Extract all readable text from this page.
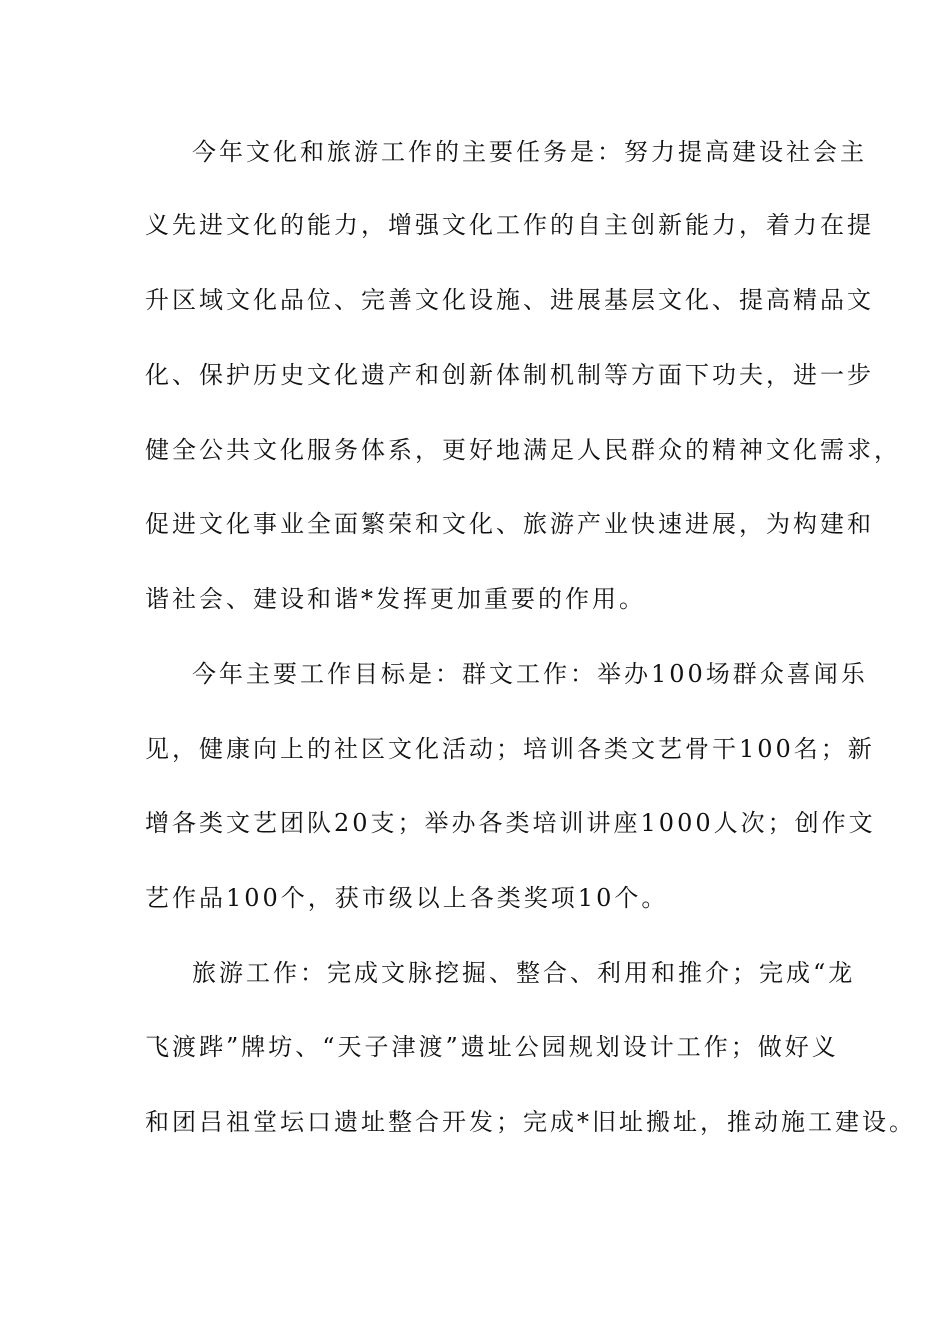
今年文化和旅游工作的主要任务是：努力提高建设社会主
义先进文化的能力，增强文化工作的自主创新能力，着力在提
升区域文化品位、完善文化设施、进展基层文化、提高精品文
化、保护历史文化遗产和创新体制机制等方面下功夫，进一步
健全公共文化服务体系，更好地满足人民群众的精神文化需求，
促进文化事业全面繁荣和文化、旅游产业快速进展，为构建和
谐社会、建设和谐*发挥更加重要的作用。
今年主要工作目标是：群文工作：举办100场群众喜闻乐
见，健康向上的社区文化活动；培训各类文艺骨干100名；新
增各类文艺团队20支；举办各类培训讲座1000人次；创作文
艺作品100个，获市级以上各类奖项10个。
旅游工作：完成文脉挖掘、整合、利用和推介；完成“龙
飞渡跸”牌坊、“天子津渡”遗址公园规划设计工作；做好义
和团吕祖堂坛口遗址整合开发；完成*旧址搬址，推动施工建设。
